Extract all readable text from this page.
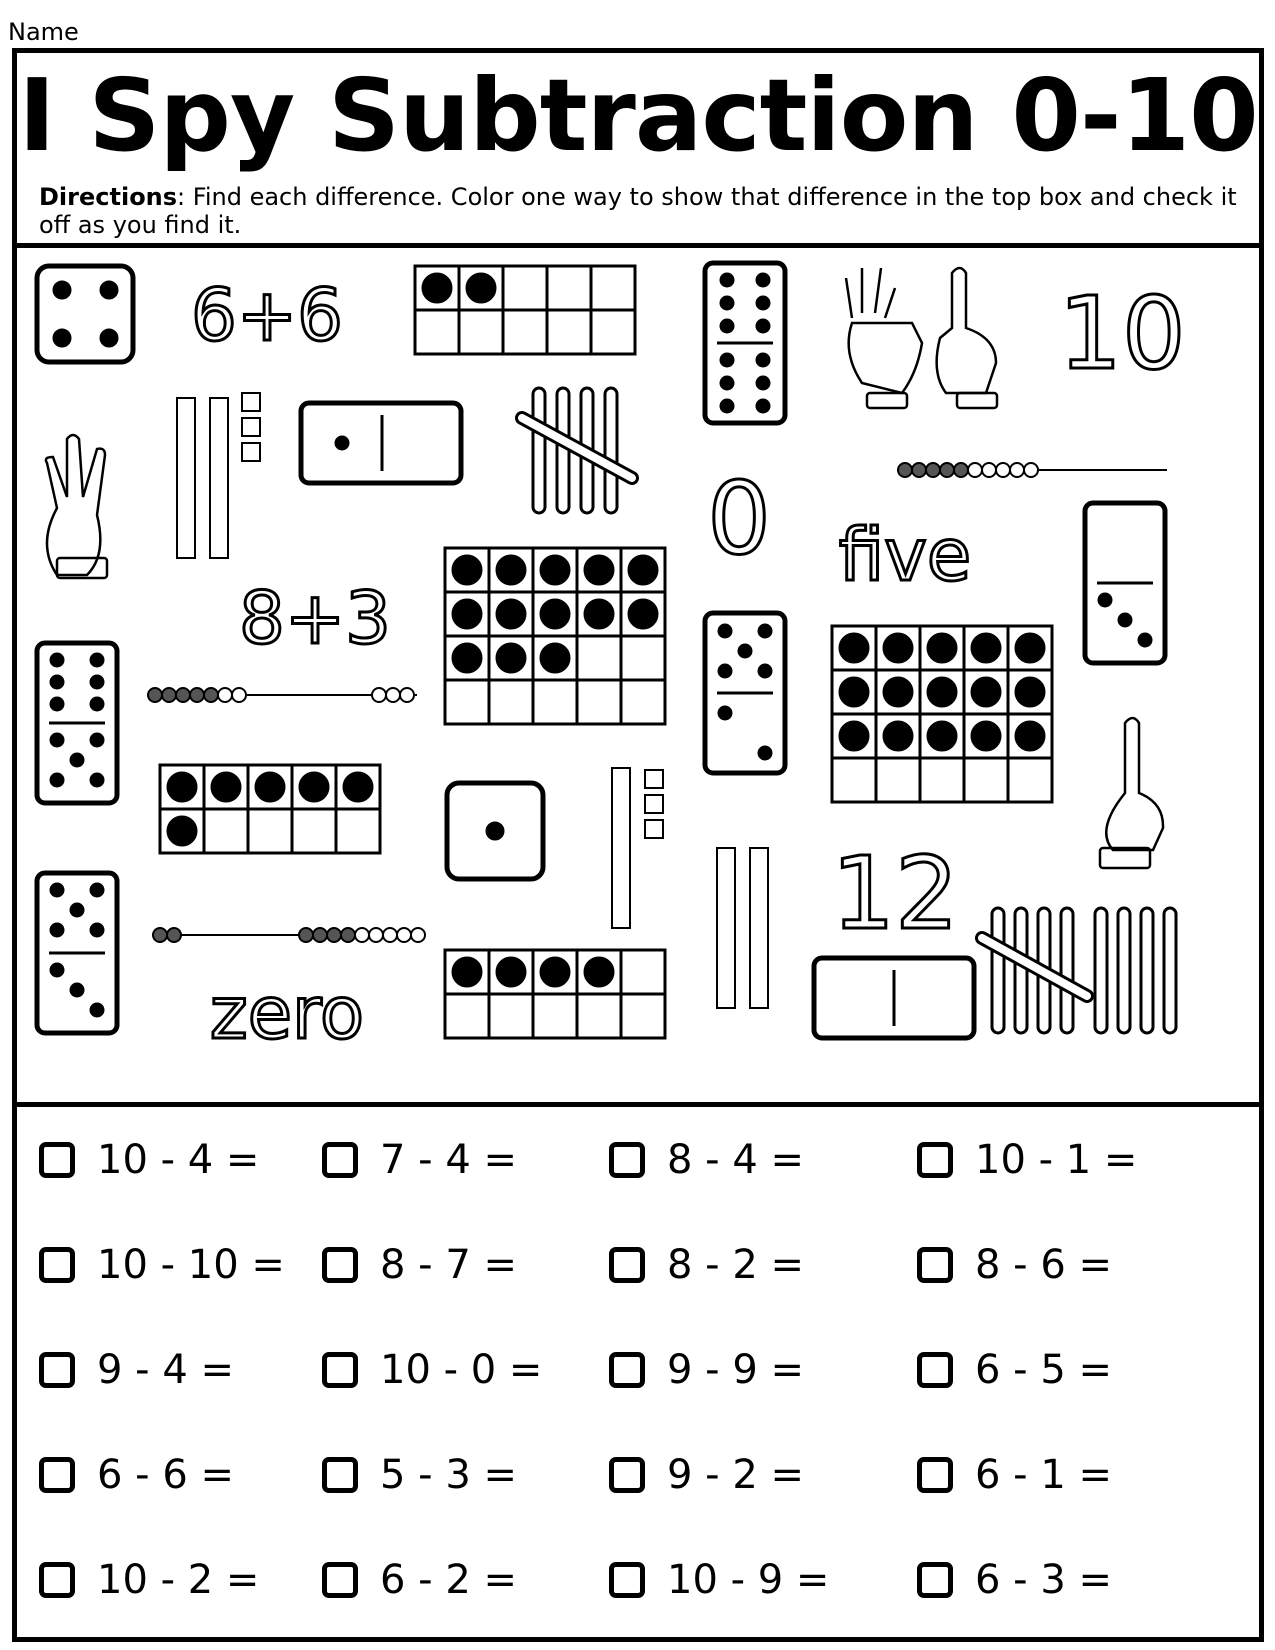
Name
I Spy Subtraction 0-10
Directions: Find each difference. Color one way to show that difference in the top box and check it off as you find it.
6+6	10
0 five
8+3
12
zero
10 - 4 =	7 - 4 =	8 - 4 =	10 - 1 =
10 - 10 = 8 - 7 =	8 - 2 =	8 - 6 =
9 - 4 =	10 - 0 =	9 - 9 =	6 - 5 =
6 - 6 =	5 - 3 =	9 - 2 =	6 - 1 =
10 - 2 =	6 - 2 =	10 - 9 =	6 - 3 =
